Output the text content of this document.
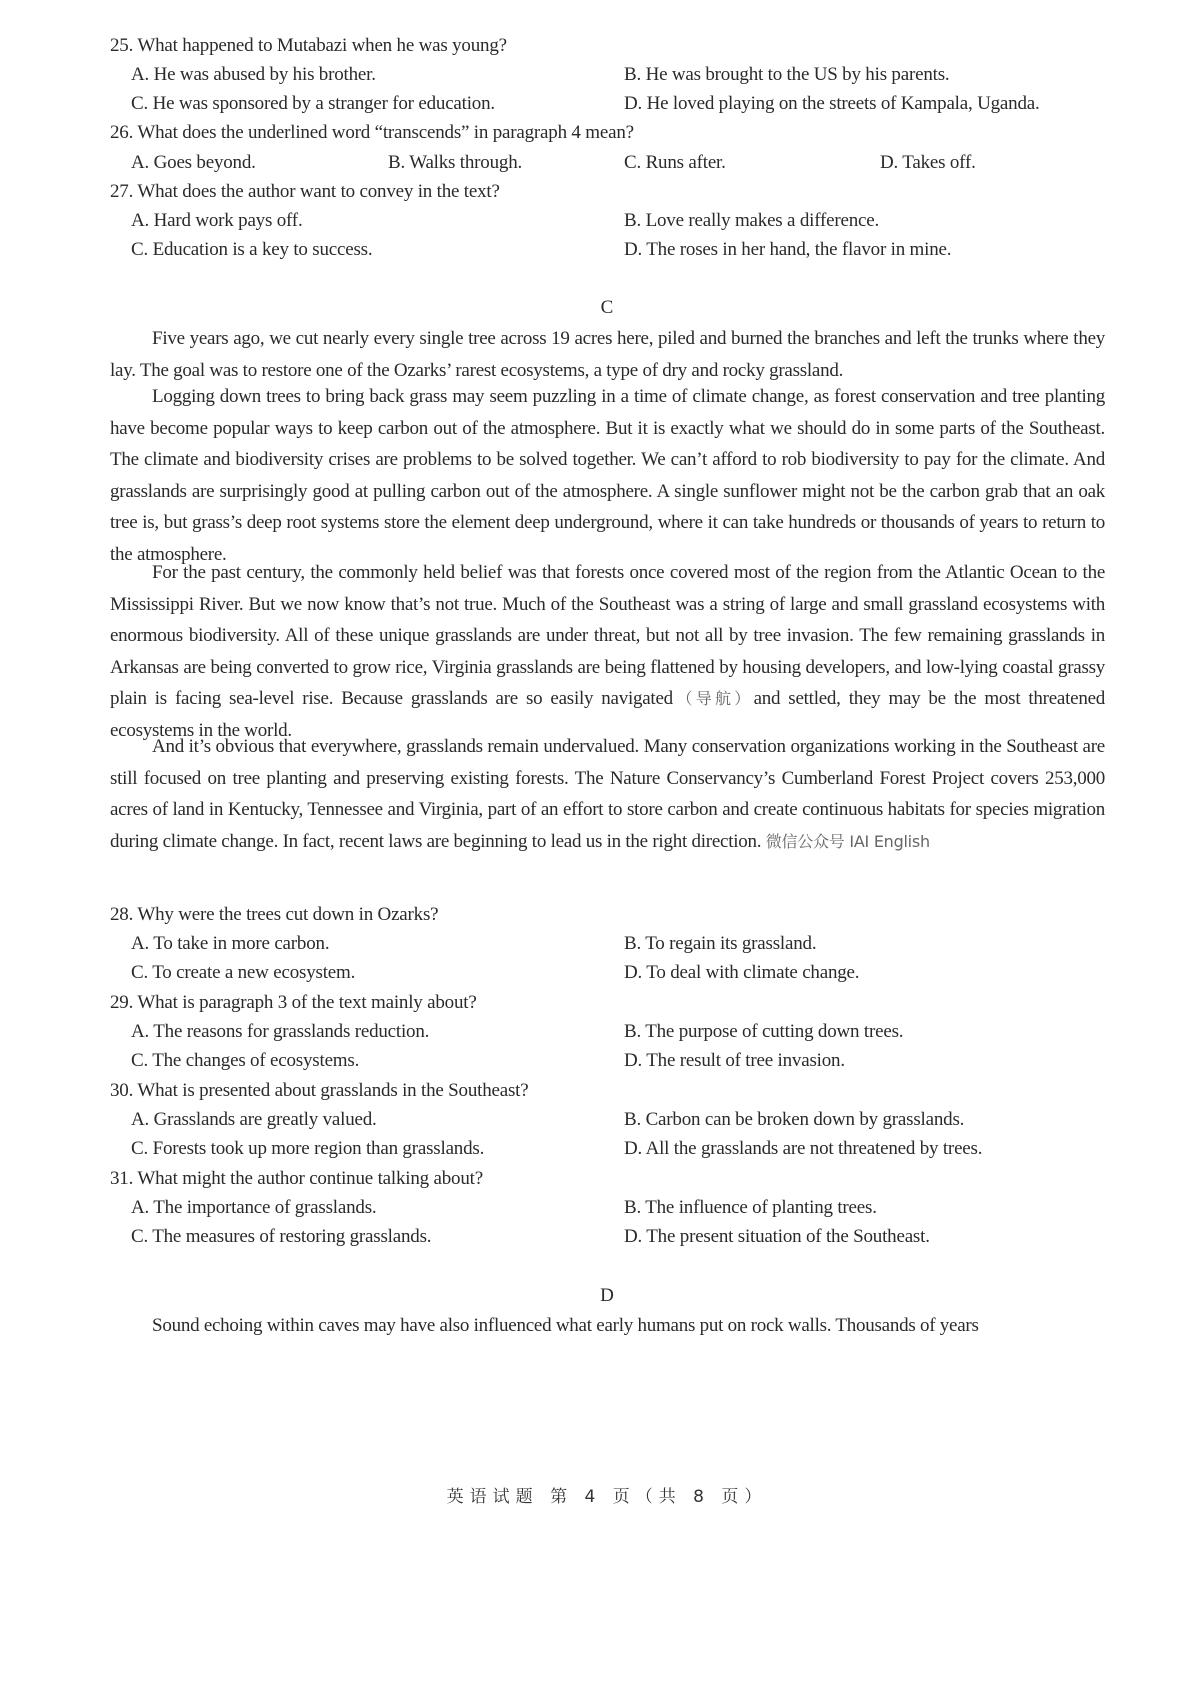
25. What happened to Mutabazi when he was young?
A. He was abused by his brother.	B. He was brought to the US by his parents.
C. He was sponsored by a stranger for education.	D. He loved playing on the streets of Kampala, Uganda.
26. What does the underlined word “transcends” in paragraph 4 mean?
A. Goes beyond.	B. Walks through.	C. Runs after.	D. Takes off.
27. What does the author want to convey in the text?
A. Hard work pays off.	B. Love really makes a difference.
C. Education is a key to success.	D. The roses in her hand, the flavor in mine.
C
Five years ago, we cut nearly every single tree across 19 acres here, piled and burned the branches and left the trunks where they lay. The goal was to restore one of the Ozarks’ rarest ecosystems, a type of dry and rocky grassland.
Logging down trees to bring back grass may seem puzzling in a time of climate change, as forest conservation and tree planting have become popular ways to keep carbon out of the atmosphere. But it is exactly what we should do in some parts of the Southeast. The climate and biodiversity crises are problems to be solved together. We can’t afford to rob biodiversity to pay for the climate. And grasslands are surprisingly good at pulling carbon out of the atmosphere. A single sunflower might not be the carbon grab that an oak tree is, but grass’s deep root systems store the element deep underground, where it can take hundreds or thousands of years to return to the atmosphere.
For the past century, the commonly held belief was that forests once covered most of the region from the Atlantic Ocean to the Mississippi River. But we now know that’s not true. Much of the Southeast was a string of large and small grassland ecosystems with enormous biodiversity. All of these unique grasslands are under threat, but not all by tree invasion. The few remaining grasslands in Arkansas are being converted to grow rice, Virginia grasslands are being flattened by housing developers, and low-lying coastal grassy plain is facing sea-level rise. Because grasslands are so easily navigated（导航）and settled, they may be the most threatened ecosystems in the world.
And it’s obvious that everywhere, grasslands remain undervalued. Many conservation organizations working in the Southeast are still focused on tree planting and preserving existing forests. The Nature Conservancy’s Cumberland Forest Project covers 253,000 acres of land in Kentucky, Tennessee and Virginia, part of an effort to store carbon and create continuous habitats for species migration during climate change. In fact, recent laws are beginning to lead us in the right direction. 微信公众号 IAI English
28. Why were the trees cut down in Ozarks?
A. To take in more carbon.	B. To regain its grassland.
C. To create a new ecosystem.	D. To deal with climate change.
29. What is paragraph 3 of the text mainly about?
A. The reasons for grasslands reduction.	B. The purpose of cutting down trees.
C. The changes of ecosystems.	D. The result of tree invasion.
30. What is presented about grasslands in the Southeast?
A. Grasslands are greatly valued.	B. Carbon can be broken down by grasslands.
C. Forests took up more region than grasslands.	D. All the grasslands are not threatened by trees.
31. What might the author continue talking about?
A. The importance of grasslands.	B. The influence of planting trees.
C. The measures of restoring grasslands.	D. The present situation of the Southeast.
D
Sound echoing within caves may have also influenced what early humans put on rock walls. Thousands of years
英语试题 第 4 页（共 8 页）
